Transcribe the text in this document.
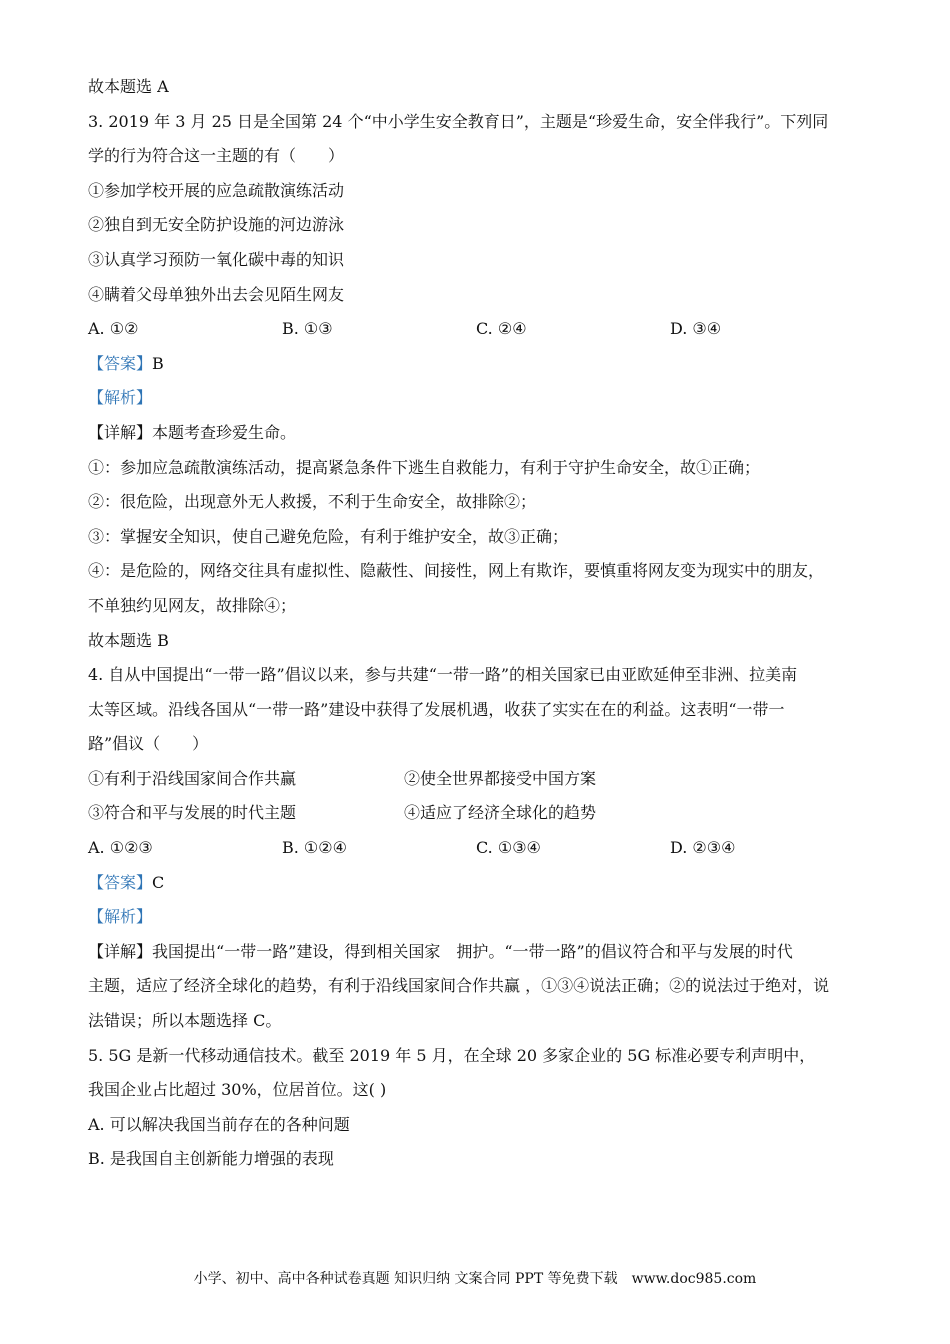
故本题选 A

3. 2019 年 3 月 25 日是全国第 24 个“中小学生安全教育日”，主题是“珍爱生命，安全伴我行”。下列同

学的行为符合这一主题的有（　　）

①参加学校开展的应急疏散演练活动

②独自到无安全防护设施的河边游泳

③认真学习预防一氧化碳中毒的知识

④瞒着父母单独外出去会见陌生网友

A. ①②	B. ①③	C. ②④	D. ③④

【答案】B

【解析】

【详解】本题考查珍爱生命。

①：参加应急疏散演练活动，提高紧急条件下逃生自救能力，有利于守护生命安全，故①正确；

②：很危险，出现意外无人救援，不利于生命安全，故排除②；

③：掌握安全知识，使自己避免危险，有利于维护安全，故③正确；

④：是危险的，网络交往具有虚拟性、隐蔽性、间接性，网上有欺诈，要慎重将网友变为现实中的朋友，

不单独约见网友，故排除④；

故本题选 B

4. 自从中国提出“一带一路”倡议以来，参与共建“一带一路”的相关国家已由亚欧延伸至非洲、拉美南

太等区域。沿线各国从“一带一路”建设中获得了发展机遇，收获了实实在在的利益。这表明“一带一

路”倡议（　　）

①有利于沿线国家间合作共赢	②使全世界都接受中国方案
③符合和平与发展的时代主题	④适应了经济全球化的趋势
A. ①②③	B. ①②④	C. ①③④	D. ②③④

【答案】C

【解析】

【详解】我国提出“一带一路”建设，得到相关国家　拥护。“一带一路”的倡议符合和平与发展的时代

主题，适应了经济全球化的趋势，有利于沿线国家间合作共赢 ，①③④说法正确；②的说法过于绝对，说

法错误；所以本题选择 C。

5. 5G 是新一代移动通信技术。截至 2019 年 5 月，在全球 20 多家企业的 5G 标准必要专利声明中，

我国企业占比超过 30%，位居首位。这( )

A. 可以解决我国当前存在的各种问题

B. 是我国自主创新能力增强的表现

小学、初中、高中各种试卷真题 知识归纳 文案合同 PPT 等免费下载　www.doc985.com
